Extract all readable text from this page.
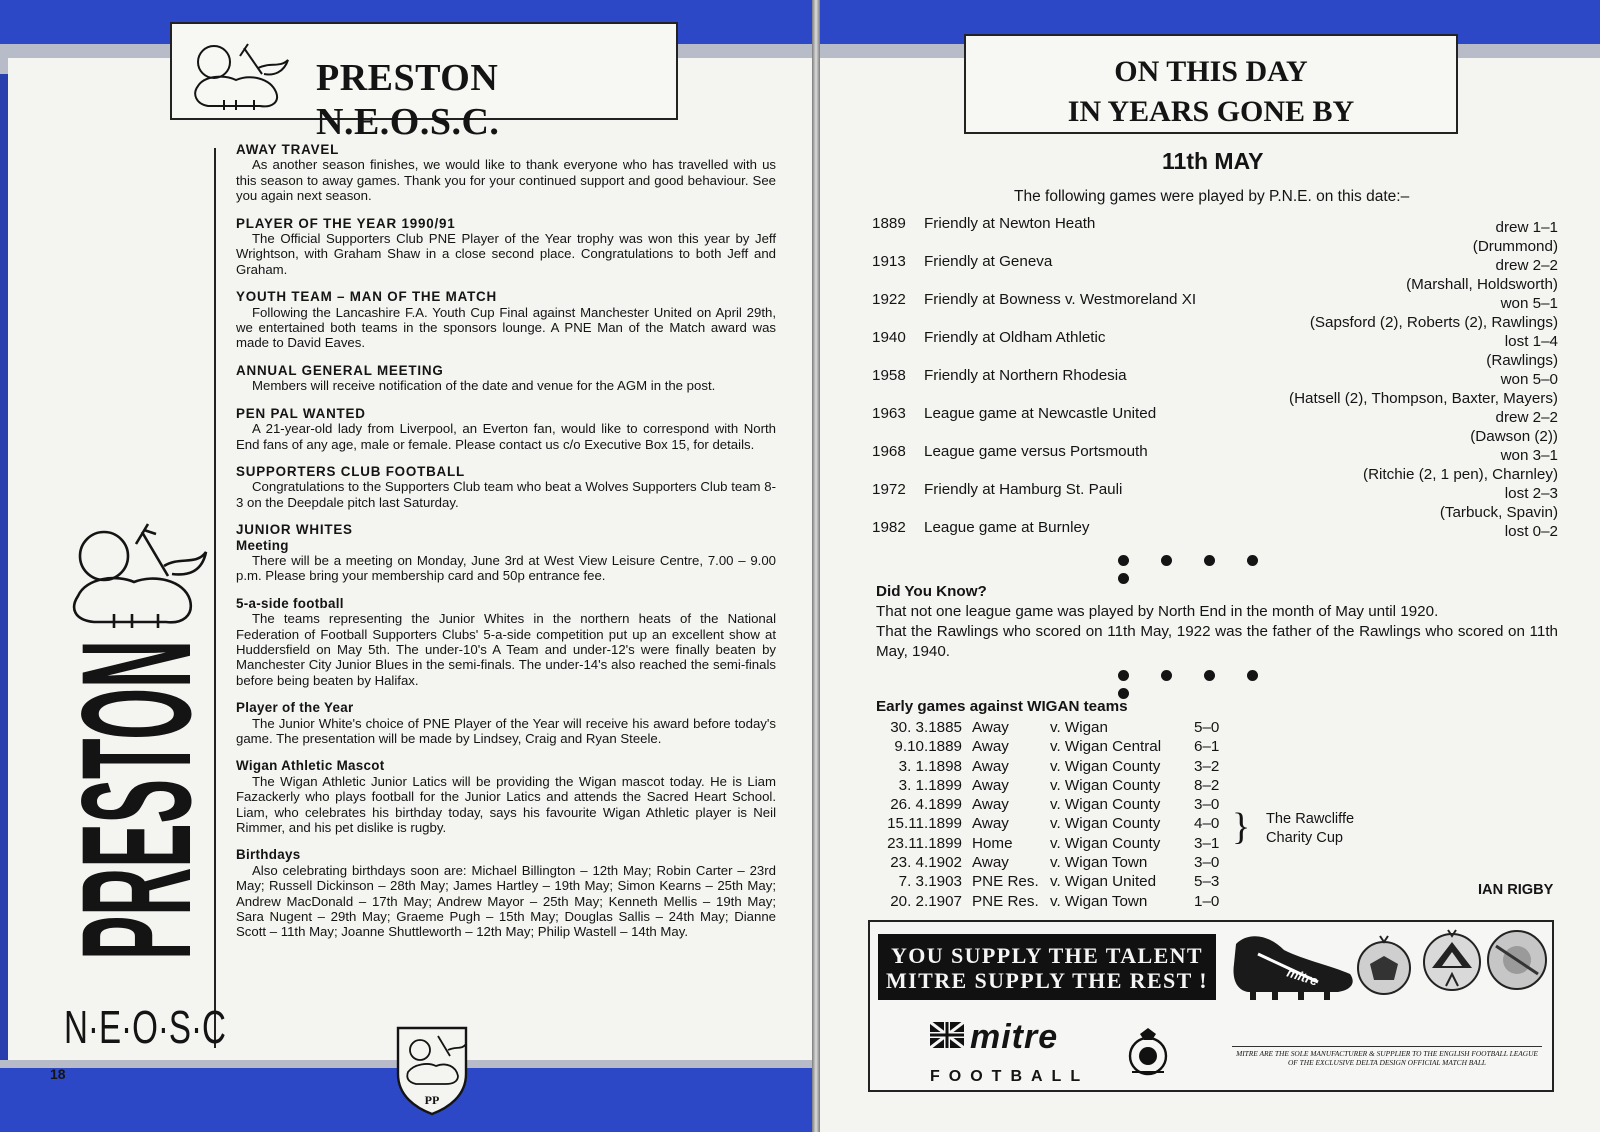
PRESTON N.E.O.S.C.
AWAY TRAVEL

As another season finishes, we would like to thank everyone who has travelled with us this season to away games. Thank you for your continued support and good behaviour. See you again next season.

PLAYER OF THE YEAR 1990/91

The Official Supporters Club PNE Player of the Year trophy was won this year by Jeff Wrightson, with Graham Shaw in a close second place. Congratulations to both Jeff and Graham.

YOUTH TEAM – MAN OF THE MATCH

Following the Lancashire F.A. Youth Cup Final against Manchester United on April 29th, we entertained both teams in the sponsors lounge. A PNE Man of the Match award was made to David Eaves.

ANNUAL GENERAL MEETING

Members will receive notification of the date and venue for the AGM in the post.

PEN PAL WANTED

A 21-year-old lady from Liverpool, an Everton fan, would like to correspond with North End fans of any age, male or female. Please contact us c/o Executive Box 15, for details.

SUPPORTERS CLUB FOOTBALL

Congratulations to the Supporters Club team who beat a Wolves Supporters Club team 8-3 on the Deepdale pitch last Saturday.

JUNIOR WHITES
Meeting

There will be a meeting on Monday, June 3rd at West View Leisure Centre, 7.00 – 9.00 p.m. Please bring your membership card and 50p entrance fee.

5-a-side football

The teams representing the Junior Whites in the northern heats of the National Federation of Football Supporters Clubs' 5-a-side competition put up an excellent show at Huddersfield on May 5th. The under-10's A Team and under-12's were finally beaten by Manchester City Junior Blues in the semi-finals. The under-14's also reached the semi-finals before being beaten by Halifax.

Player of the Year

The Junior White's choice of PNE Player of the Year will receive his award before today's game. The presentation will be made by Lindsey, Craig and Ryan Steele.

Wigan Athletic Mascot

The Wigan Athletic Junior Latics will be providing the Wigan mascot today. He is Liam Fazackerly who plays football for the Junior Latics and attends the Sacred Heart School. Liam, who celebrates his birthday today, says his favourite Wigan Athletic player is Neil Rimmer, and his pet dislike is rugby.

Birthdays

Also celebrating birthdays soon are: Michael Billington – 12th May; Robin Carter – 23rd May; Russell Dickinson – 28th May; James Hartley – 19th May; Simon Kearns – 25th May; Andrew MacDonald – 17th May; Andrew Mayor – 25th May; Kenneth Mellis – 19th May; Sara Nugent – 29th May; Graeme Pugh – 15th May; Douglas Sallis – 24th May; Dianne Scott – 11th May; Joanne Shuttleworth – 12th May; Philip Wastell – 14th May.

N·E·O·S·C
18
PP
ON THIS DAY
IN YEARS GONE BY
11th MAY
The following games were played by P.N.E. on this date:–
1889 Friendly at Newton Heath	drew 1–1
(Drummond)
1913 Friendly at Geneva	drew 2–2
(Marshall, Holdsworth)
1922 Friendly at Bowness v. Westmoreland XI	won 5–1
(Sapsford (2), Roberts (2), Rawlings)
1940 Friendly at Oldham Athletic	lost 1–4
(Rawlings)
1958 Friendly at Northern Rhodesia	won 5–0
(Hatsell (2), Thompson, Baxter, Mayers)
1963 League game at Newcastle United	drew 2–2
(Dawson (2))
1968 League game versus Portsmouth	won 3–1
(Ritchie (2, 1 pen), Charnley)
1972 Friendly at Hamburg St. Pauli	lost 2–3
(Tarbuck, Spavin)
1982 League game at Burnley	lost 0–2
Did You Know?

That not one league game was played by North End in the month of May until 1920.

That the Rawlings who scored on 11th May, 1922 was the father of the Rawlings who scored on 11th May, 1940.

Early games against WIGAN teams
30. 3.1885 Away	v. Wigan	5–0
9.10.1889 Away	v. Wigan Central 6–1
3. 1.1898 Away	v. Wigan County 3–2
3. 1.1899 Away	v. Wigan County 8–2
26. 4.1899 Away	v. Wigan County 3–0
15.11.1899 Away	v. Wigan County 4–0
23.11.1899 Home v. Wigan County 3–1
23. 4.1902 Away	v. Wigan Town	3–0
7. 3.1903 PNE Res. v. Wigan United 5–3
20. 2.1907 PNE Res. v. Wigan Town	1–0
} The Rawcliffe
Charity Cup
IAN RIGBY
YOU SUPPLY THE TALENT
MITRE SUPPLY THE REST !	mitre
mitre
FOOTBALL
MITRE ARE THE SOLE MANUFACTURER & SUPPLIER TO THE ENGLISH FOOTBALL LEAGUE
OF THE EXCLUSIVE DELTA DESIGN OFFICIAL MATCH BALL
